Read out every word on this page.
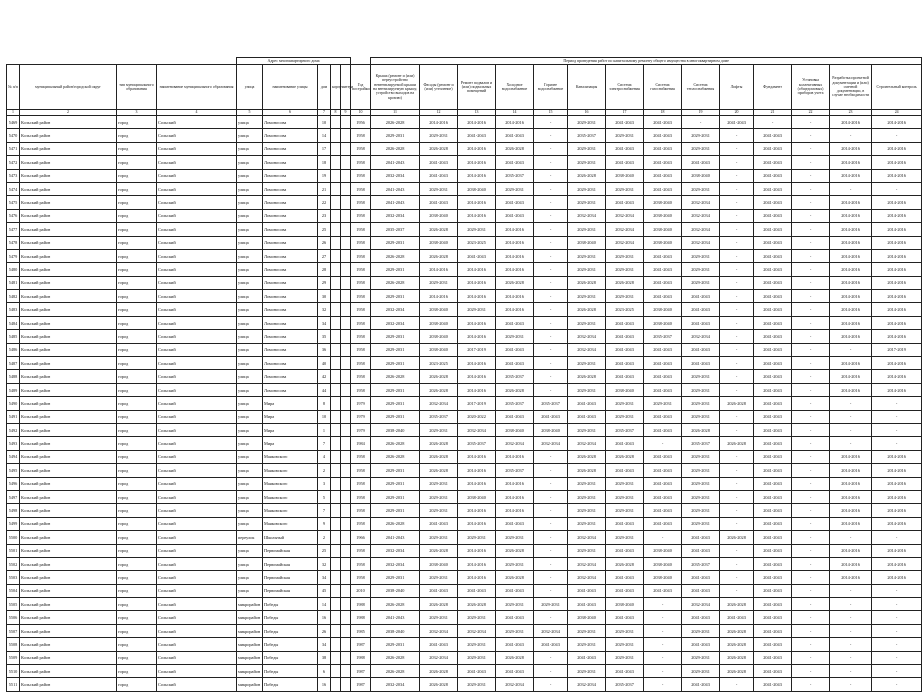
				Адрес многоквартирного дома						Период проведения работ по капитальному ремонту общего имущества в многоквартирном доме													
№ п/п	муниципальный район/городской округ	тип муниципального образования	наименование муниципального образования	улица	наименование улицы	дом	корпус	литера	Год постройки	Крыша (ремонт и (или) переустройство невентилируемой крыши на вентилируемую крышу, устройство выходов на кровлю)	Фасады (ремонт и (или) утепление)	Ремонт подвалов и (или) подвальных помещений	Холодное водоснабжение	Горячее водоснабжение	Канализация	Система электроснабжения	Система газоснабжения	Система теплоснабжения	Лифты	Фундамент	Установка коллективных (общедомовых) приборов учета	Разработка проектной документации и (или) сметной документации, в случае необходимости	Строительный контроль
1	2	3	4	5	6	7	8	9	10	11	12	13	14	15	16	17	18	19	20	21	22	23	24
5469	Кольский район	город	Сольский	улица	Ломоносова	10			1956	2026-2028	2014-2016	2014-2016	2014-2016	-	2029-2031	2041-2043	2041-2043	-	2041-2043	-	-	2014-2016	2014-2016
5470	Кольский район	город	Сольский	улица	Ломоносова	14			1958	2029-2031	2029-2031	2041-2043	2041-2043	-	2035-2037	2029-2031	2041-2043	2029-2031	-	2041-2043	-	-	-
5471	Кольский район	город	Сольский	улица	Ломоносова	17			1958	2026-2028	2026-2028	2014-2016	2026-2028	-	2029-2031	2041-2043	2041-2043	2029-2031	-	2041-2043	-	2014-2016	2014-2016
5472	Кольский район	город	Сольский	улица	Ломоносова	18			1958	2041-2043	2041-2043	2014-2016	2041-2043	-	2029-2031	2041-2043	2041-2043	2041-2043	-	2041-2043	-	2014-2016	2014-2016
5473	Кольский район	город	Сольский	улица	Ломоносова	19			1958	2032-2034	2041-2043	2014-2016	2035-2037	-	2026-2028	2038-2040	2041-2043	2038-2040	-	2041-2043	-	2014-2016	2014-2016
5474	Кольский район	город	Сольский	улица	Ломоносова	21			1958	2041-2043	2029-2031	2038-2040	2029-2031	-	2029-2031	2029-2031	2041-2043	2029-2031	-	2041-2043	-	-	-
5475	Кольский район	город	Сольский	улица	Ломоносова	22			1958	2041-2043	2041-2043	2014-2016	2041-2043	-	2029-2031	2041-2043	2038-2040	2032-2034	-	2041-2043	-	2014-2016	2014-2016
5476	Кольский район	город	Сольский	улица	Ломоносова	23			1958	2032-2034	2038-2040	2014-2016	2041-2043	-	2032-2034	2032-2034	2038-2040	2032-2034	-	2041-2043	-	2014-2016	2014-2016
5477	Кольский район	город	Сольский	улица	Ломоносова	25			1958	2035-2037	2026-2028	2029-2031	2014-2016	-	2029-2031	2032-2034	2038-2040	2032-2034	-	2041-2043	-	2014-2016	2014-2016
5478	Кольский район	город	Сольский	улица	Ломоносова	26			1958	2029-2031	2038-2040	2023-2025	2014-2016	-	2038-2040	2032-2034	2038-2040	2032-2034	-	2041-2043	-	2014-2016	2014-2016
5479	Кольский район	город	Сольский	улица	Ломоносова	27			1958	2026-2028	2026-2028	2041-2043	2014-2016	-	2029-2031	2029-2031	2041-2043	2029-2031	-	2041-2043	-	2014-2016	2014-2016
5480	Кольский район	город	Сольский	улица	Ломоносова	28			1958	2029-2031	2014-2016	2014-2016	2014-2016	-	2029-2031	2029-2031	2041-2043	2029-2031	-	2041-2043	-	2014-2016	2014-2016
5481	Кольский район	город	Сольский	улица	Ломоносова	29			1958	2026-2028	2029-2031	2014-2016	2026-2028	-	2026-2028	2026-2028	2041-2043	2029-2031	-	2041-2043	-	2014-2016	2014-2016
5482	Кольский район	город	Сольский	улица	Ломоносова	30			1958	2029-2031	2014-2016	2014-2016	2014-2016	-	2029-2031	2029-2031	2041-2043	2041-2043	-	2041-2043	-	2014-2016	2014-2016
5483	Кольский район	город	Сольский	улица	Ломоносова	32			1958	2032-2034	2038-2040	2029-2031	2014-2016	-	2026-2028	2023-2025	2038-2040	2041-2043	-	2041-2043	-	2014-2016	2014-2016
5484	Кольский район	город	Сольский	улица	Ломоносова	34			1958	2032-2034	2038-2040	2014-2016	2041-2043	-	2029-2031	2041-2043	2038-2040	2041-2043	-	2041-2043	-	2014-2016	2014-2016
5485	Кольский район	город	Сольский	улица	Ломоносова	35			1958	2029-2031	2038-2040	2014-2016	2029-2031	-	2032-2034	2041-2043	2035-2037	2032-2034	-	2041-2043	-	2014-2016	2014-2016
5486	Кольский район	город	Сольский	улица	Ломоносова	36			1958	2029-2031	2038-2040	2017-2019	2041-2043	-	2032-2034	2041-2043	2041-2043	2041-2043	-	2041-2043	-	-	2017-2019
5487	Кольский район	город	Сольский	улица	Ломоносова	40			1958	2029-2031	2023-2025	2014-2016	2041-2043	-	2029-2031	2041-2043	2041-2043	2041-2043	-	2041-2043	-	2014-2016	2014-2016
5488	Кольский район	город	Сольский	улица	Ломоносова	42			1958	2026-2028	2026-2028	2014-2016	2035-2037	-	2026-2028	2041-2043	2041-2043	2029-2031	-	2041-2043	-	2014-2016	2014-2016
5489	Кольский район	город	Сольский	улица	Ломоносова	44			1958	2029-2031	2026-2028	2014-2016	2026-2028	-	2029-2031	2038-2040	2041-2043	2029-2031	-	2041-2043	-	2014-2016	2014-2016
5490	Кольский район	город	Сольский	улица	Мира	8			1979	2029-2031	2032-2034	2017-2019	2035-2037	2035-2037	2041-2043	2029-2031	2029-2031	2029-2031	2026-2028	2041-2043	-	-	-
5491	Кольский район	город	Сольский	улица	Мира	10			1979	2029-2031	2035-2037	2020-2022	2041-2043	2041-2043	2041-2043	2029-2031	2041-2043	2029-2031	-	2041-2043	-	-	-
5492	Кольский район	город	Сольский	улица	Мира	1			1979	2038-2040	2029-2031	2032-2034	2038-2040	2038-2040	2029-2031	2035-2037	2041-2043	2026-2028	-	2041-2043	-	-	-
5493	Кольский район	город	Сольский	улица	Мира	7			1984	2026-2028	2026-2028	2035-2037	2032-2034	2032-2034	2032-2034	2041-2043	-	2035-2037	2026-2028	2041-2043	-	-	-
5494	Кольский район	город	Сольский	улица	Маяковского	4			1958	2026-2028	2026-2028	2014-2016	2014-2016	-	2026-2028	2026-2028	2041-2043	2029-2031	-	2041-2043	-	2014-2016	2014-2016
5495	Кольский район	город	Сольский	улица	Маяковского	2			1958	2029-2031	2026-2028	2014-2016	2035-2037	-	2026-2028	2041-2043	2041-2043	2029-2031	-	2041-2043	-	2014-2016	2014-2016
5496	Кольский район	город	Сольский	улица	Маяковского	3			1958	2029-2031	2029-2031	2014-2016	2014-2016	-	2029-2031	2029-2031	2041-2043	2029-2031	-	2041-2043	-	2014-2016	2014-2016
5497	Кольский район	город	Сольский	улица	Маяковского	5			1958	2029-2031	2029-2031	2038-2040	2014-2016	-	2029-2031	2029-2031	2041-2043	2029-2031	-	2041-2043	-	2014-2016	2014-2016
5498	Кольский район	город	Сольский	улица	Маяковского	7			1958	2029-2031	2029-2031	2014-2016	2014-2016	-	2029-2031	2029-2031	2041-2043	2029-2031	-	2041-2043	-	2014-2016	2014-2016
5499	Кольский район	город	Сольский	улица	Маяковского	9			1958	2026-2028	2041-2043	2014-2016	2041-2043	-	2029-2031	2041-2043	2041-2043	2029-2031	-	2041-2043	-	2014-2016	2014-2016
5500	Кольский район	город	Сольский	переулок	Школьный	2			1966	2041-2043	2029-2031	2029-2031	2029-2031	-	2032-2034	2029-2031	-	2041-2043	2026-2028	2041-2043	-	-	-
5501	Кольский район	город	Сольский	улица	Первомайская	25			1958	2032-2034	2026-2028	2014-2016	2026-2028	-	2029-2031	2041-2043	2038-2040	2041-2043	-	2041-2043	-	2014-2016	2014-2016
5502	Кольский район	город	Сольский	улица	Первомайская	32			1958	2032-2034	2038-2040	2014-2016	2029-2031	-	2032-2034	2026-2028	2038-2040	2035-2037	-	2041-2043	-	2014-2016	2014-2016
5503	Кольский район	город	Сольский	улица	Первомайская	34			1958	2029-2031	2029-2031	2014-2016	2026-2028	-	2032-2034	2041-2043	2038-2040	2041-2043	-	2041-2043	-	2014-2016	2014-2016
5504	Кольский район	город	Сольский	улица	Первомайская	45			2010	2038-2040	2041-2043	2041-2043	2041-2043	-	2041-2043	2041-2043	2041-2043	2041-2043	-	2041-2043	-	-	-
5505	Кольский район	город	Сольский	микрорайон	Победы	14			1988	2026-2028	2026-2028	2026-2028	2029-2031	2029-2031	2041-2043	2038-2040	-	2032-2034	2026-2028	2041-2043	-	-	-
5506	Кольский район	город	Сольский	микрорайон	Победы	16			1988	2041-2043	2029-2031	2029-2031	2041-2043	-	2038-2040	2041-2043	-	2041-2043	2041-2043	2041-2043	-	-	-
5507	Кольский район	город	Сольский	микрорайон	Победы	26			1985	2038-2040	2032-2034	2032-2034	2029-2031	2032-2034	2029-2031	2029-2031	-	2029-2031	2026-2028	2041-2043	-	-	-
5508	Кольский район	город	Сольский	микрорайон	Победы	34			1987	2029-2031	2041-2043	2029-2031	2041-2043	2041-2043	2029-2031	2029-2031	-	2041-2043	2026-2028	2041-2043	-	-	-
5509	Кольский район	город	Сольский	микрорайон	Победы	38			1988	2026-2028	2032-2034	2029-2031	2026-2028	-	2041-2043	2029-2031	-	2029-2031	2026-2028	2041-2043	-	-	-
5510	Кольский район	город	Сольский	микрорайон	Победы	6			1987	2026-2028	2026-2028	2041-2043	2041-2043	-	2029-2031	2041-2043	-	2029-2031	2026-2028	2041-2043	-	-	-
5511	Кольский район	город	Сольский	микрорайон	Победы	16			1987	2032-2034	2026-2028	2029-2031	2032-2034	-	2032-2034	2035-2037	-	2041-2043	-	2041-2043	-	-	-
